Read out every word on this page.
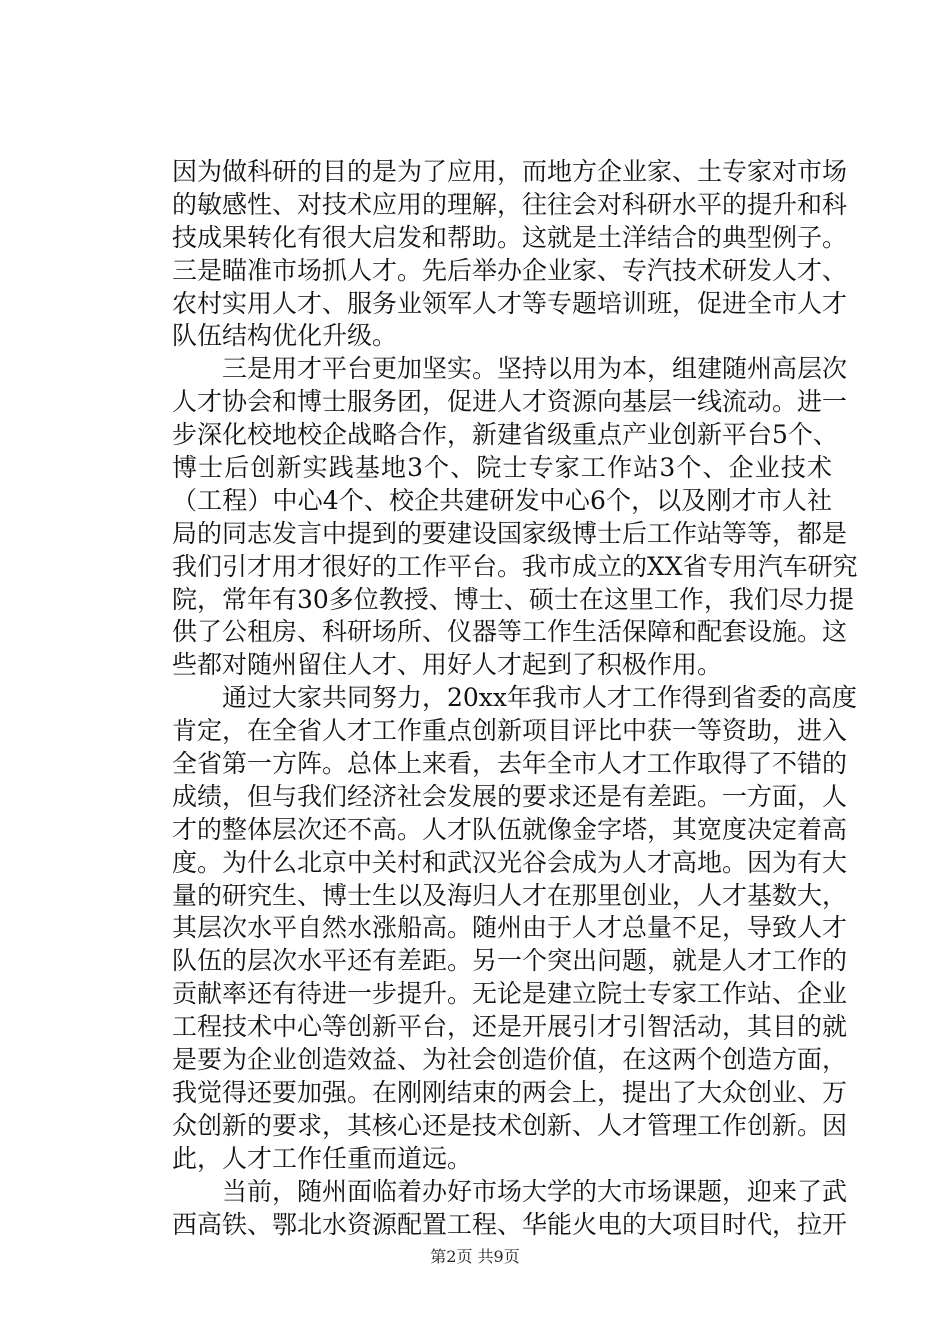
因为做科研的目的是为了应用，而地方企业家、土专家对市场
的敏感性、对技术应用的理解，往往会对科研水平的提升和科
技成果转化有很大启发和帮助。这就是土洋结合的典型例子。
三是瞄准市场抓人才。先后举办企业家、专汽技术研发人才、
农村实用人才、服务业领军人才等专题培训班，促进全市人才
队伍结构优化升级。
三是用才平台更加坚实。坚持以用为本，组建随州高层次
人才协会和博士服务团，促进人才资源向基层一线流动。进一
步深化校地校企战略合作，新建省级重点产业创新平台5个、
博士后创新实践基地3个、院士专家工作站3个、企业技术
（工程）中心4个、校企共建研发中心6个，以及刚才市人社
局的同志发言中提到的要建设国家级博士后工作站等等，都是
我们引才用才很好的工作平台。我市成立的XX省专用汽车研究
院，常年有30多位教授、博士、硕士在这里工作，我们尽力提
供了公租房、科研场所、仪器等工作生活保障和配套设施。这
些都对随州留住人才、用好人才起到了积极作用。
通过大家共同努力，20xx年我市人才工作得到省委的高度
肯定，在全省人才工作重点创新项目评比中获一等资助，进入
全省第一方阵。总体上来看，去年全市人才工作取得了不错的
成绩，但与我们经济社会发展的要求还是有差距。一方面，人
才的整体层次还不高。人才队伍就像金字塔，其宽度决定着高
度。为什么北京中关村和武汉光谷会成为人才高地。因为有大
量的研究生、博士生以及海归人才在那里创业，人才基数大，
其层次水平自然水涨船高。随州由于人才总量不足，导致人才
队伍的层次水平还有差距。另一个突出问题，就是人才工作的
贡献率还有待进一步提升。无论是建立院士专家工作站、企业
工程技术中心等创新平台，还是开展引才引智活动，其目的就
是要为企业创造效益、为社会创造价值，在这两个创造方面，
我觉得还要加强。在刚刚结束的两会上，提出了大众创业、万
众创新的要求，其核心还是技术创新、人才管理工作创新。因
此，人才工作任重而道远。
当前，随州面临着办好市场大学的大市场课题，迎来了武
西高铁、鄂北水资源配置工程、华能火电的大项目时代，拉开
第2页 共9页
